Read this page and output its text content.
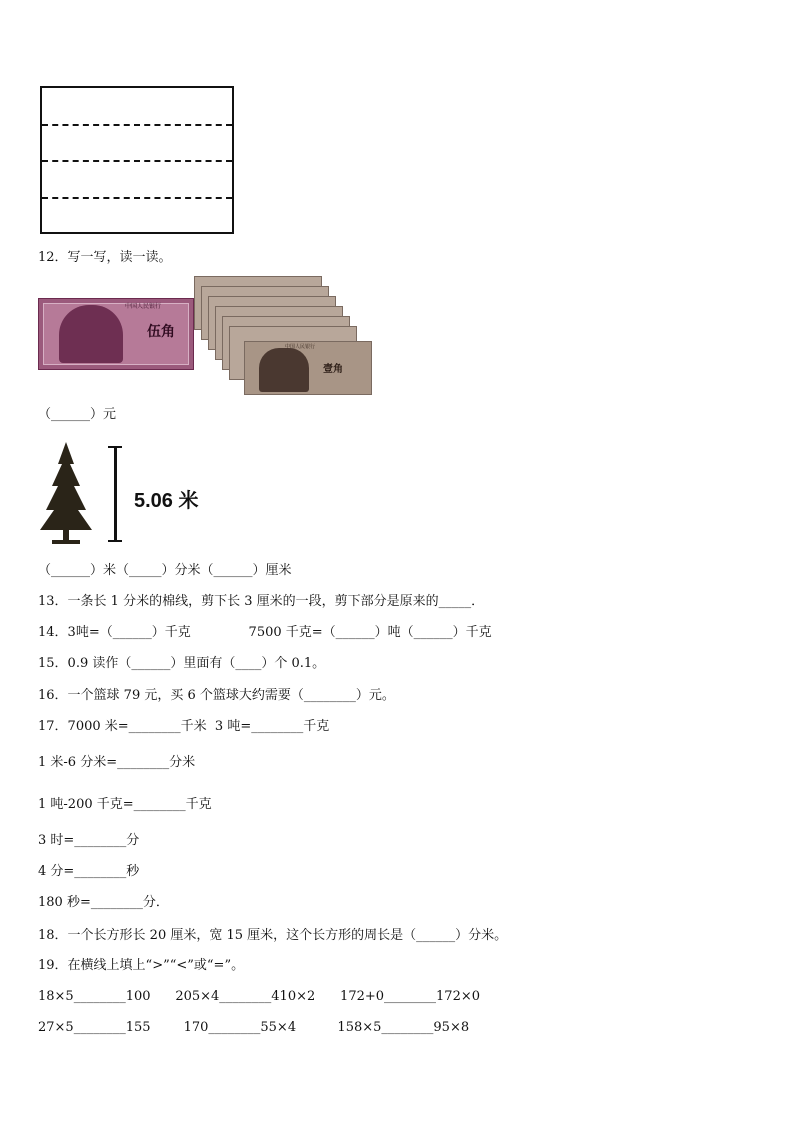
12．写一写，读一读。
中国人民银行
伍角
中国人民银行
壹角
（______）元
5.06 米
（______）米（_____）分米（______）厘米
13．一条长 1 分米的棉线，剪下长 3 厘米的一段，剪下部分是原来的_____．
14．3吨=（______）千克              7500 千克=（______）吨（______）千克
15．0.9 读作（______）里面有（____）个 0.1。
16．一个篮球 79 元，买 6 个篮球大约需要（________）元。
17．7000 米=________千米  3 吨=________千克
1 米-6 分米=________分米
1 吨-200 千克=________千克
3 时=________分
4 分=________秒
180 秒=________分．
18．一个长方形长 20 厘米，宽 15 厘米，这个长方形的周长是（______）分米。
19．在横线上填上“>”“<”或“=”。
18×5________100      205×4________410×2      172+0________172×0
27×5________155        170________55×4          158×5________95×8
